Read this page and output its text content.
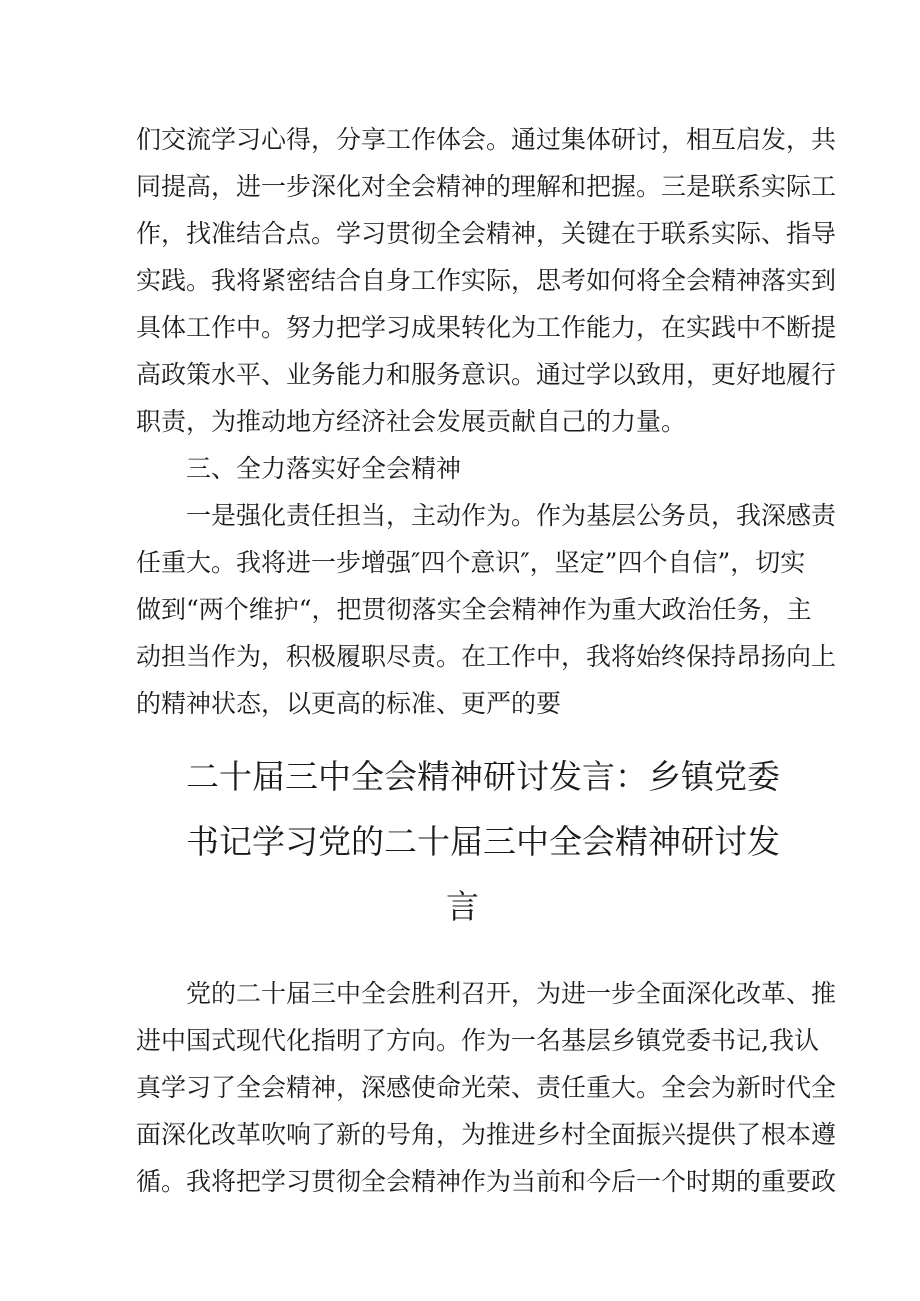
们交流学习心得，分享工作体会。通过集体研讨，相互启发，共

同提高，进一步深化对全会精神的理解和把握。三是联系实际工

作，找准结合点。学习贯彻全会精神，关键在于联系实际、指导

实践。我将紧密结合自身工作实际，思考如何将全会精神落实到

具体工作中。努力把学习成果转化为工作能力，在实践中不断提

高政策水平、业务能力和服务意识。通过学以致用，更好地履行

职责，为推动地方经济社会发展贡献自己的力量。

三、全力落实好全会精神

一是强化责任担当，主动作为。作为基层公务员，我深感责

任重大。我将进一步增强″四个意识″，坚定”四个自信”，切实

做到“两个维护“，把贯彻落实全会精神作为重大政治任务，主

动担当作为，积极履职尽责。在工作中，我将始终保持昂扬向上

的精神状态，以更高的标准、更严的要

二十届三中全会精神研讨发言：乡镇党委
书记学习党的二十届三中全会精神研讨发
言

党的二十届三中全会胜利召开，为进一步全面深化改革、推

进中国式现代化指明了方向。作为一名基层乡镇党委书记,我认

真学习了全会精神，深感使命光荣、责任重大。全会为新时代全

面深化改革吹响了新的号角，为推进乡村全面振兴提供了根本遵

循。我将把学习贯彻全会精神作为当前和今后一个时期的重要政
